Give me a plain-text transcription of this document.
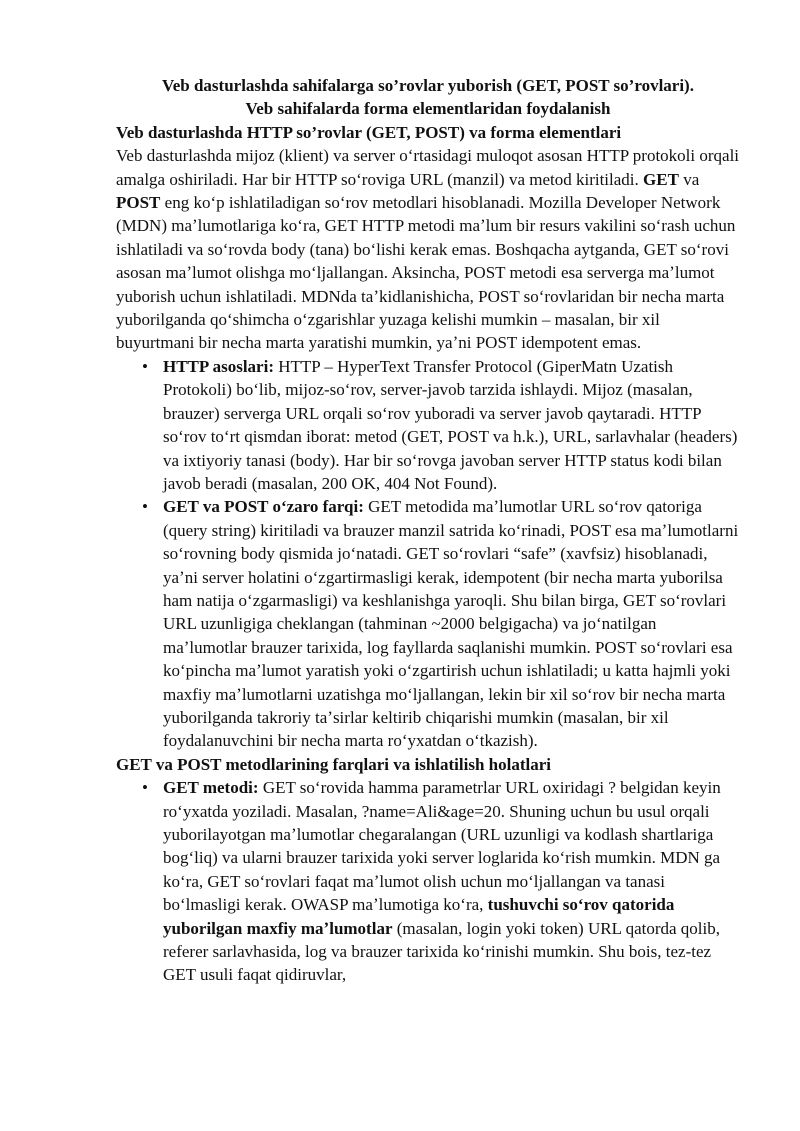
Veb dasturlashda sahifalarga so’rovlar yuborish (GET, POST so’rovlari).

Veb sahifalarda forma elementlaridan foydalanish

Veb dasturlashda HTTP so’rovlar (GET, POST) va forma elementlari

Veb dasturlashda mijoz (klient) va server oʻrtasidagi muloqot asosan HTTP protokoli orqali amalga oshiriladi. Har bir HTTP soʻroviga URL (manzil) va metod kiritiladi. GET va POST eng koʻp ishlatiladigan soʻrov metodlari hisoblanadi. Mozilla Developer Network (MDN) maʼlumotlariga koʻra, GET HTTP metodi maʼlum bir resurs vakilini soʻrash uchun ishlatiladi va soʻrovda body (tana) boʻlishi kerak emas. Boshqacha aytganda, GET soʻrovi asosan maʼlumot olishga moʻljallangan. Aksincha, POST metodi esa serverga maʼlumot yuborish uchun ishlatiladi. MDNda taʼkidlanishicha, POST soʻrovlaridan bir necha marta yuborilganda qoʻshimcha oʻzgarishlar yuzaga kelishi mumkin – masalan, bir xil buyurtmani bir necha marta yaratishi mumkin, yaʼni POST idempotent emas.

• HTTP asoslari: HTTP – HyperText Transfer Protocol (GiperMatn Uzatish Protokoli) boʻlib, mijoz-soʻrov, server-javob tarzida ishlaydi. Mijoz (masalan, brauzer) serverga URL orqali soʻrov yuboradi va server javob qaytaradi. HTTP soʻrov toʻrt qismdan iborat: metod (GET, POST va h.k.), URL, sarlavhalar (headers) va ixtiyoriy tanasi (body). Har bir soʻrovga javoban server HTTP status kodi bilan javob beradi (masalan, 200 OK, 404 Not Found).
• GET va POST oʻzaro farqi: GET metodida maʼlumotlar URL soʻrov qatoriga (query string) kiritiladi va brauzer manzil satrida koʻrinadi, POST esa maʼlumotlarni soʻrovning body qismida joʻnatadi. GET soʻrovlari “safe” (xavfsiz) hisoblanadi, yaʼni server holatini oʻzgartirmasligi kerak, idempotent (bir necha marta yuborilsa ham natija oʻzgarmasligi) va keshlanishga yaroqli. Shu bilan birga, GET soʻrovlari URL uzunligiga cheklangan (tahminan ~2000 belgigacha) va joʻnatilgan maʼlumotlar brauzer tarixida, log fayllarda saqlanishi mumkin. POST soʻrovlari esa koʻpincha maʼlumot yaratish yoki oʻzgartirish uchun ishlatiladi; u katta hajmli yoki maxfiy maʼlumotlarni uzatishga moʻljallangan, lekin bir xil soʻrov bir necha marta yuborilganda takroriy taʼsirlar keltirib chiqarishi mumkin (masalan, bir xil foydalanuvchini bir necha marta roʻyxatdan oʻtkazish).

GET va POST metodlarining farqlari va ishlatilish holatlari

• GET metodi: GET soʻrovida hamma parametrlar URL oxiridagi ? belgidan keyin roʻyxatda yoziladi. Masalan, ?name=Ali&age=20. Shuning uchun bu usul orqali yuborilayotgan maʼlumotlar chegaralangan (URL uzunligi va kodlash shartlariga bogʻliq) va ularni brauzer tarixida yoki server loglarida koʻrish mumkin. MDN ga koʻra, GET soʻrovlari faqat maʼlumot olish uchun moʻljallangan va tanasi boʻlmasligi kerak. OWASP maʼlumotiga koʻra, tushuvchi soʻrov qatorida yuborilgan maxfiy maʼlumotlar (masalan, login yoki token) URL qatorda qolib, referer sarlavhasida, log va brauzer tarixida koʻrinishi mumkin. Shu bois, tez-tez GET usuli faqat qidiruvlar,
